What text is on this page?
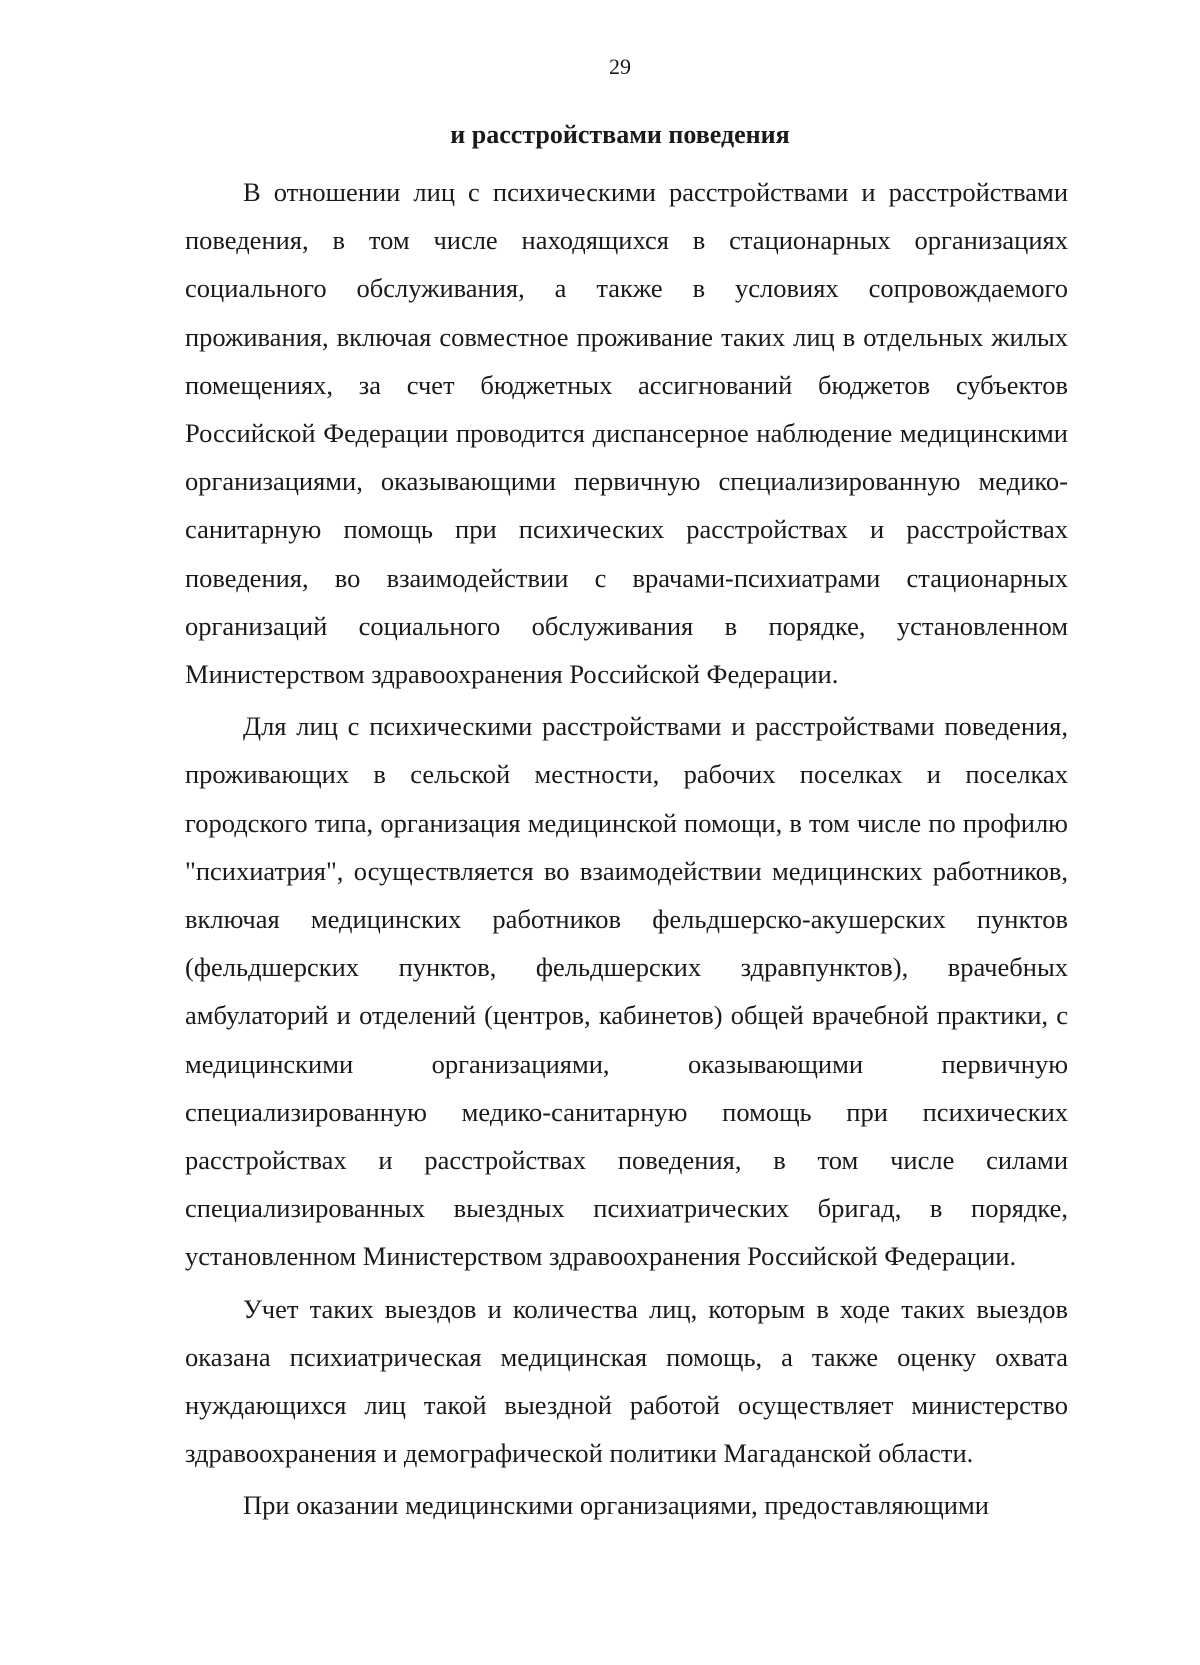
29
и расстройствами поведения

В отношении лиц с психическими расстройствами и расстройствами поведения, в том числе находящихся в стационарных организациях социального обслуживания, а также в условиях сопровождаемого проживания, включая совместное проживание таких лиц в отдельных жилых помещениях, за счет бюджетных ассигнований бюджетов субъектов Российской Федерации проводится диспансерное наблюдение медицинскими организациями, оказывающими первичную специализированную медико-санитарную помощь при психических расстройствах и расстройствах поведения, во взаимодействии с врачами-психиатрами стационарных организаций социального обслуживания в порядке, установленном Министерством здравоохранения Российской Федерации.

Для лиц с психическими расстройствами и расстройствами поведения, проживающих в сельской местности, рабочих поселках и поселках городского типа, организация медицинской помощи, в том числе по профилю "психиатрия", осуществляется во взаимодействии медицинских работников, включая медицинских работников фельдшерско-акушерских пунктов (фельдшерских пунктов, фельдшерских здравпунктов), врачебных амбулаторий и отделений (центров, кабинетов) общей врачебной практики, с медицинскими организациями, оказывающими первичную специализированную медико-санитарную помощь при психических расстройствах и расстройствах поведения, в том числе силами специализированных выездных психиатрических бригад, в порядке, установленном Министерством здравоохранения Российской Федерации.

Учет таких выездов и количества лиц, которым в ходе таких выездов оказана психиатрическая медицинская помощь, а также оценку охвата нуждающихся лиц такой выездной работой осуществляет министерство здравоохранения и демографической политики Магаданской области.

При оказании медицинскими организациями, предоставляющими
